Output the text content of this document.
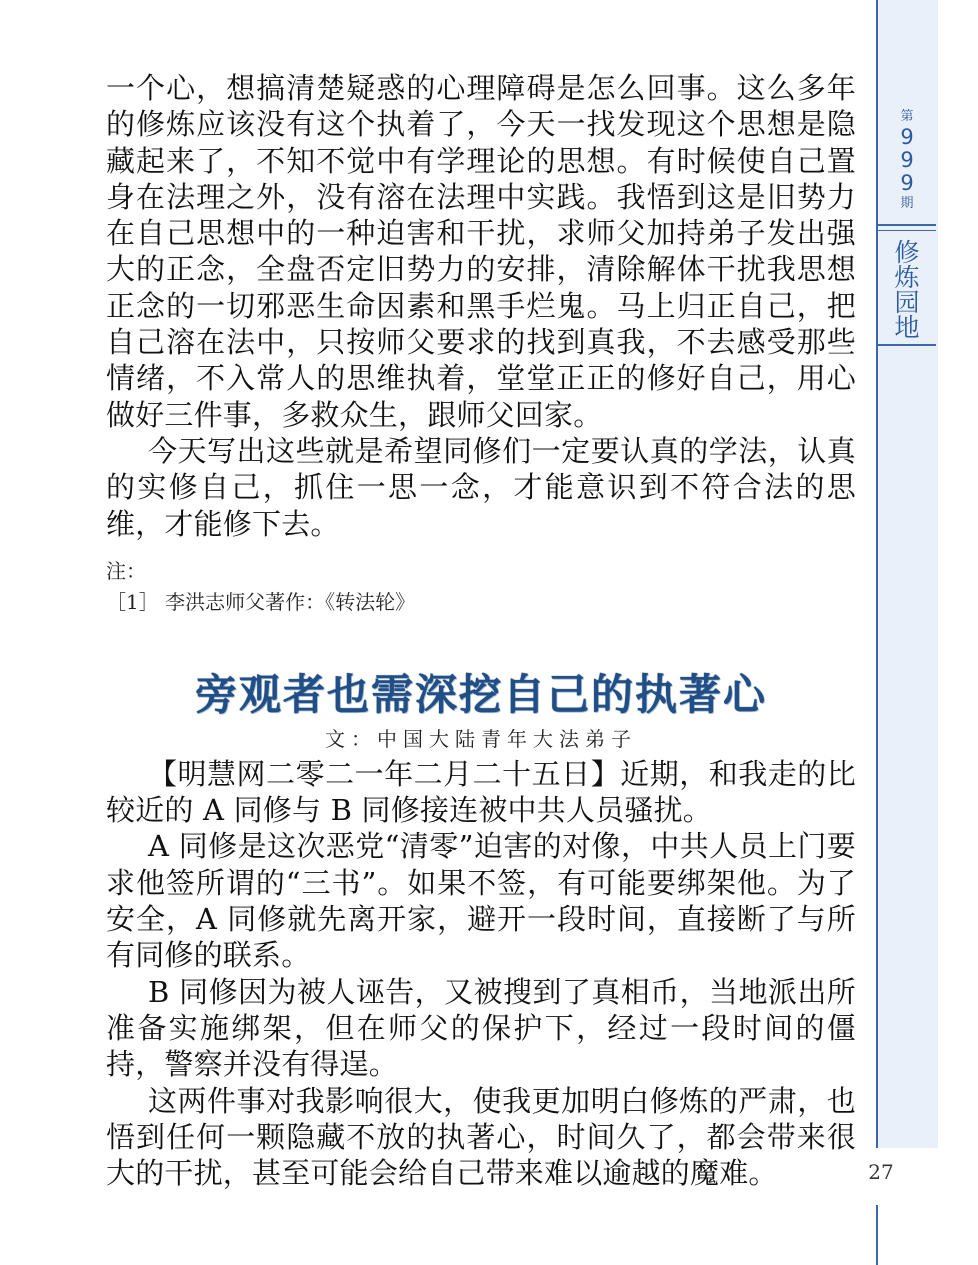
一个心，想搞清楚疑惑的心理障碍是怎么回事。这么多年的修炼应该没有这个执着了，今天一找发现这个思想是隐藏起来了，不知不觉中有学理论的思想。有时候使自己置身在法理之外，没有溶在法理中实践。我悟到这是旧势力在自己思想中的一种迫害和干扰，求师父加持弟子发出强大的正念，全盘否定旧势力的安排，清除解体干扰我思想正念的一切邪恶生命因素和黑手烂鬼。马上归正自己，把自己溶在法中，只按师父要求的找到真我，不去感受那些情绪，不入常人的思维执着，堂堂正正的修好自己，用心做好三件事，多救众生，跟师父回家。

今天写出这些就是希望同修们一定要认真的学法，认真的实修自己，抓住一思一念，才能意识到不符合法的思维，才能修下去。

注：
［1］ 李洪志师父著作：《转法轮》
旁观者也需深挖自己的执著心
文：中国大陆青年大法弟子

【明慧网二零二一年二月二十五日】近期，和我走的比较近的 A 同修与 B 同修接连被中共人员骚扰。

A 同修是这次恶党“清零”迫害的对像，中共人员上门要求他签所谓的“三书”。如果不签，有可能要绑架他。为了安全，A 同修就先离开家，避开一段时间，直接断了与所有同修的联系。

B 同修因为被人诬告，又被搜到了真相币，当地派出所准备实施绑架，但在师父的保护下，经过一段时间的僵持，警察并没有得逞。

这两件事对我影响很大，使我更加明白修炼的严肃，也悟到任何一颗隐藏不放的执著心，时间久了，都会带来很大的干扰，甚至可能会给自己带来难以逾越的魔难。

第
9
9
9
期
修
炼
园
地
27
